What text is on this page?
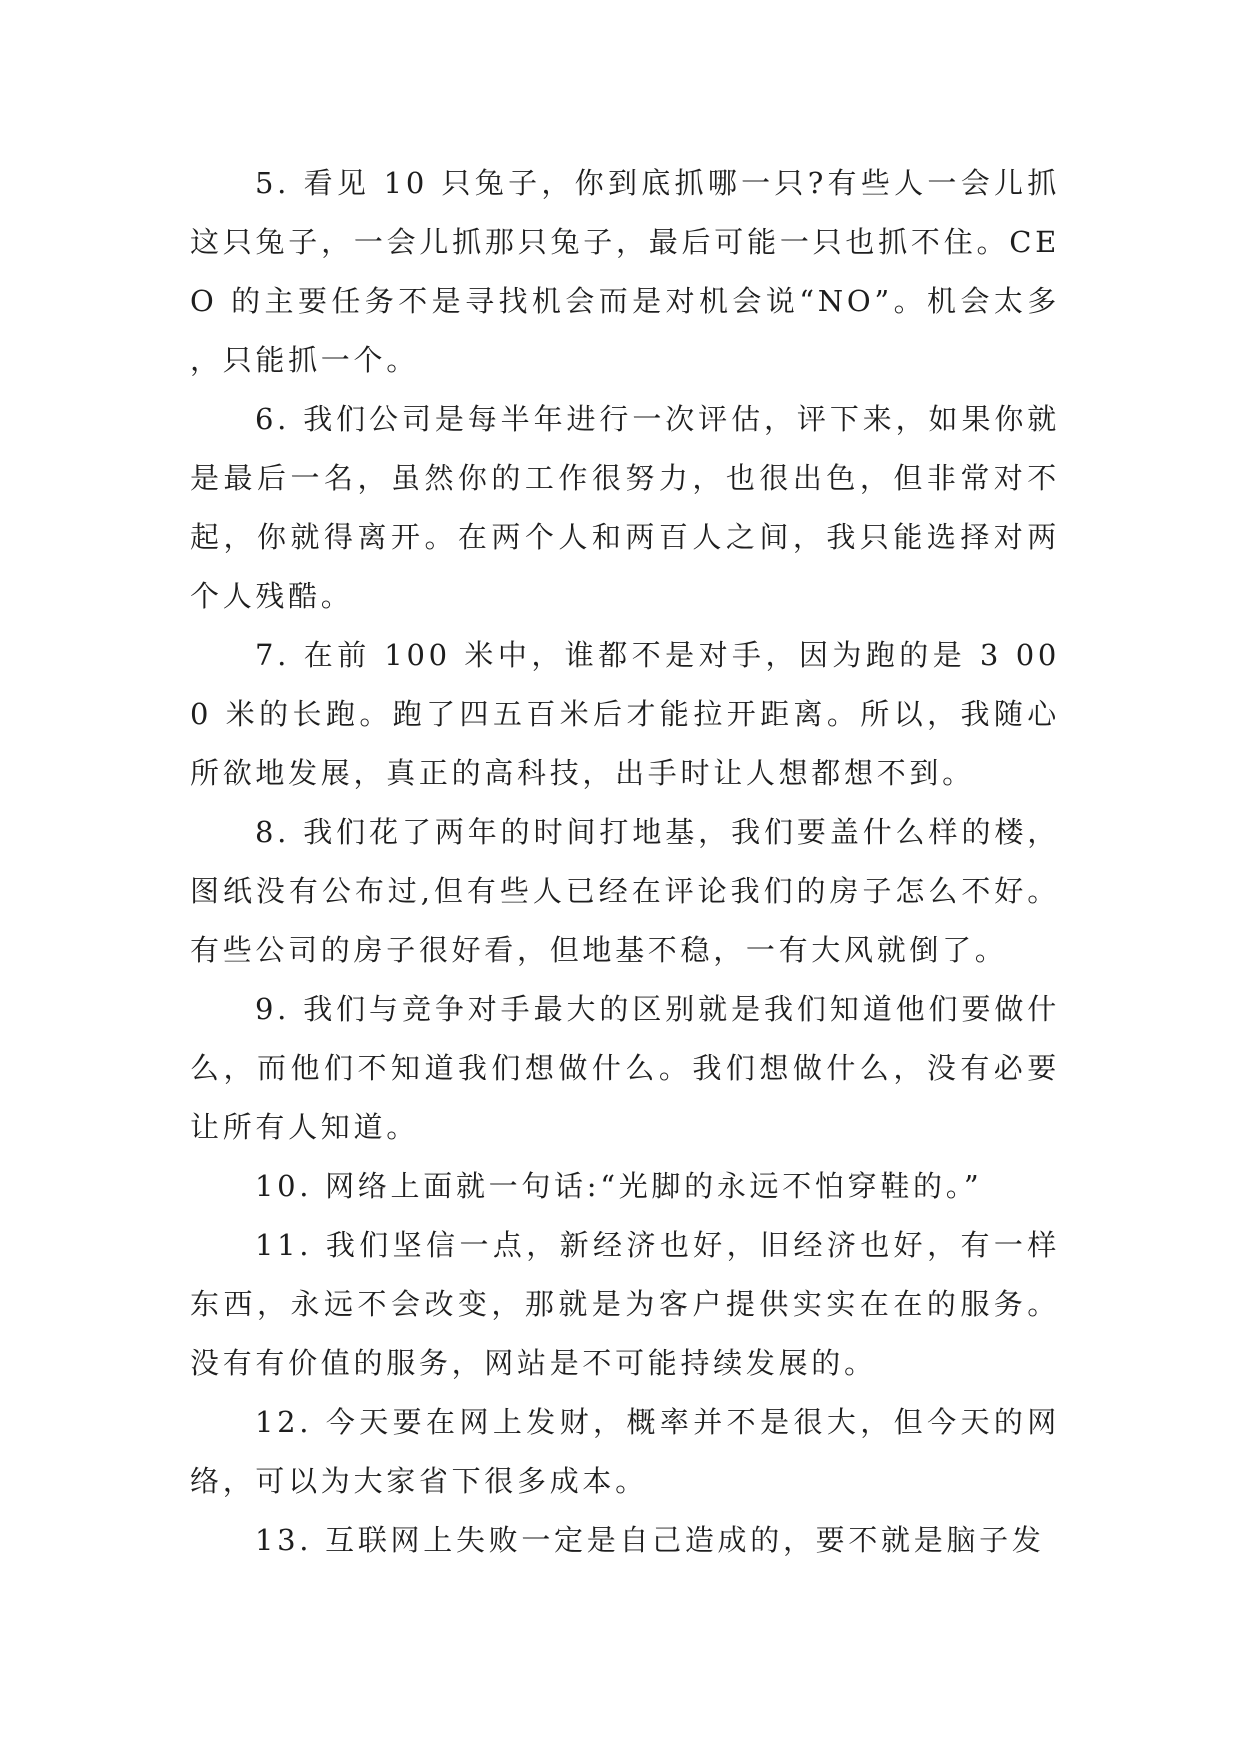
5. 看见 10 只兔子，你到底抓哪一只?有些人一会儿抓这只兔子，一会儿抓那只兔子，最后可能一只也抓不住。CEO 的主要任务不是寻找机会而是对机会说“NO”。机会太多，只能抓一个。

6. 我们公司是每半年进行一次评估，评下来，如果你就是最后一名，虽然你的工作很努力，也很出色，但非常对不起，你就得离开。在两个人和两百人之间，我只能选择对两个人残酷。

7. 在前 100 米中，谁都不是对手，因为跑的是 3 000 米的长跑。跑了四五百米后才能拉开距离。所以，我随心所欲地发展，真正的高科技，出手时让人想都想不到。

8. 我们花了两年的时间打地基，我们要盖什么样的楼，图纸没有公布过,但有些人已经在评论我们的房子怎么不好。有些公司的房子很好看，但地基不稳，一有大风就倒了。

9. 我们与竞争对手最大的区别就是我们知道他们要做什么，而他们不知道我们想做什么。我们想做什么，没有必要让所有人知道。

10. 网络上面就一句话:“光脚的永远不怕穿鞋的。”

11. 我们坚信一点，新经济也好，旧经济也好，有一样东西，永远不会改变，那就是为客户提供实实在在的服务。没有有价值的服务，网站是不可能持续发展的。

12. 今天要在网上发财，概率并不是很大，但今天的网络，可以为大家省下很多成本。

13. 互联网上失败一定是自己造成的，要不就是脑子发
